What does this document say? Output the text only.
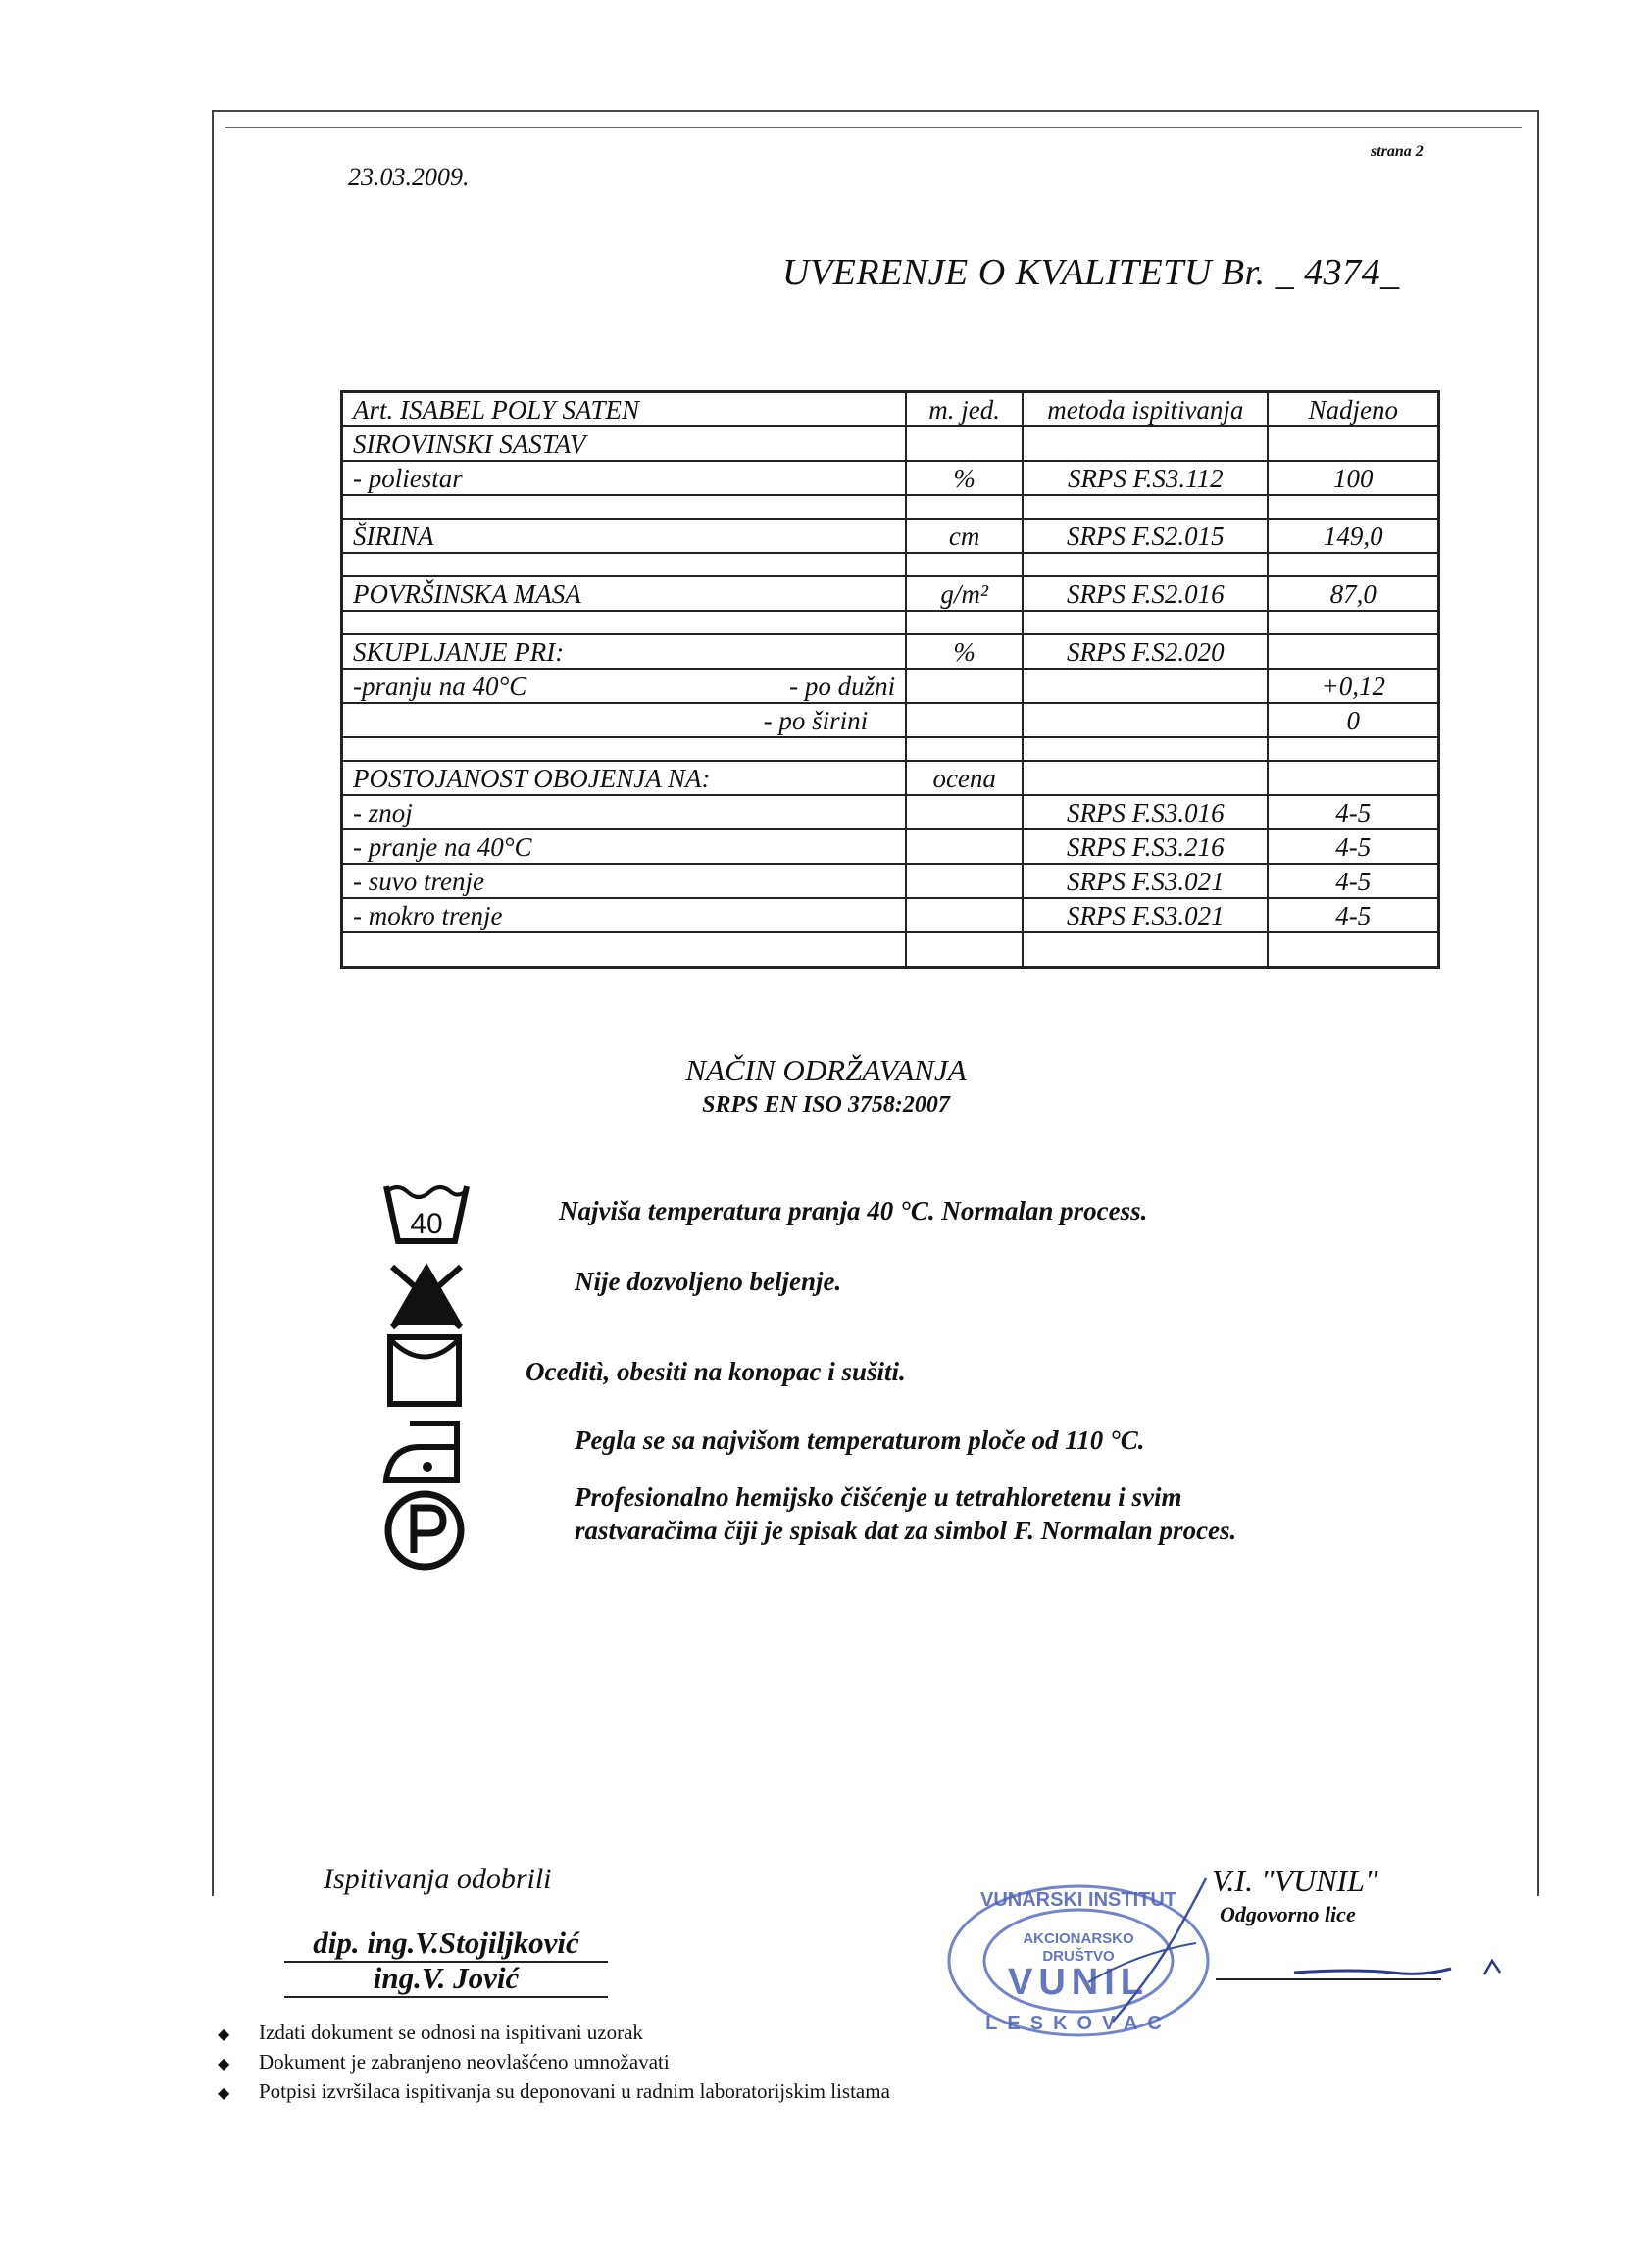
23.03.2009.
strana 2
UVERENJE O KVALITETU Br. _ 4374_
Art. ISABEL POLY SATEN	m. jed.	metoda ispitivanja	Nadjeno
SIROVINSKI SASTAV			
- poliestar	%	SRPS F.S3.112	100

ŠIRINA	cm	SRPS F.S2.015	149,0

POVRŠINSKA MASA	g/m²	SRPS F.S2.016	87,0

SKUPLJANJE PRI:	%	SRPS F.S2.020	

-pranju na 40°C - po dužni			+0,12
- po širini			0

POSTOJANOST OBOJENJA NA:	ocena		
- znoj		SRPS F.S3.016	4-5
- pranje na 40°C		SRPS F.S3.216	4-5
- suvo trenje		SRPS F.S3.021	4-5
- mokro trenje		SRPS F.S3.021	4-5

NAČIN ODRŽAVANJA
SRPS EN ISO 3758:2007
40	Najviša temperatura pranja 40 °C. Normalan process.
Nije dozvoljeno beljenje.
Oceditì, obesiti na konopac i sušiti.
Pegla se sa najvišom temperaturom ploče od 110 °C.
Profesionalno hemijsko čišćenje u tetrahloretenu i svim
rastvaračima čiji je spisak dat za simbol F. Normalan proces.
Ispitivanja odobrili
dip. ing.V.Stojiljković
ing.V. Jović
V.I. "VUNIL"
Odgovorno lice
VUNARSKI INSTITUT
AKCIONARSKO
DRUŠTVO
VUNIL
LESKOVAC
◆ Izdati dokument se odnosi na ispitivani uzorak
◆ Dokument je zabranjeno neovlašćeno umnožavati
◆ Potpisi izvršilaca ispitivanja su deponovani u radnim laboratorijskim listama
